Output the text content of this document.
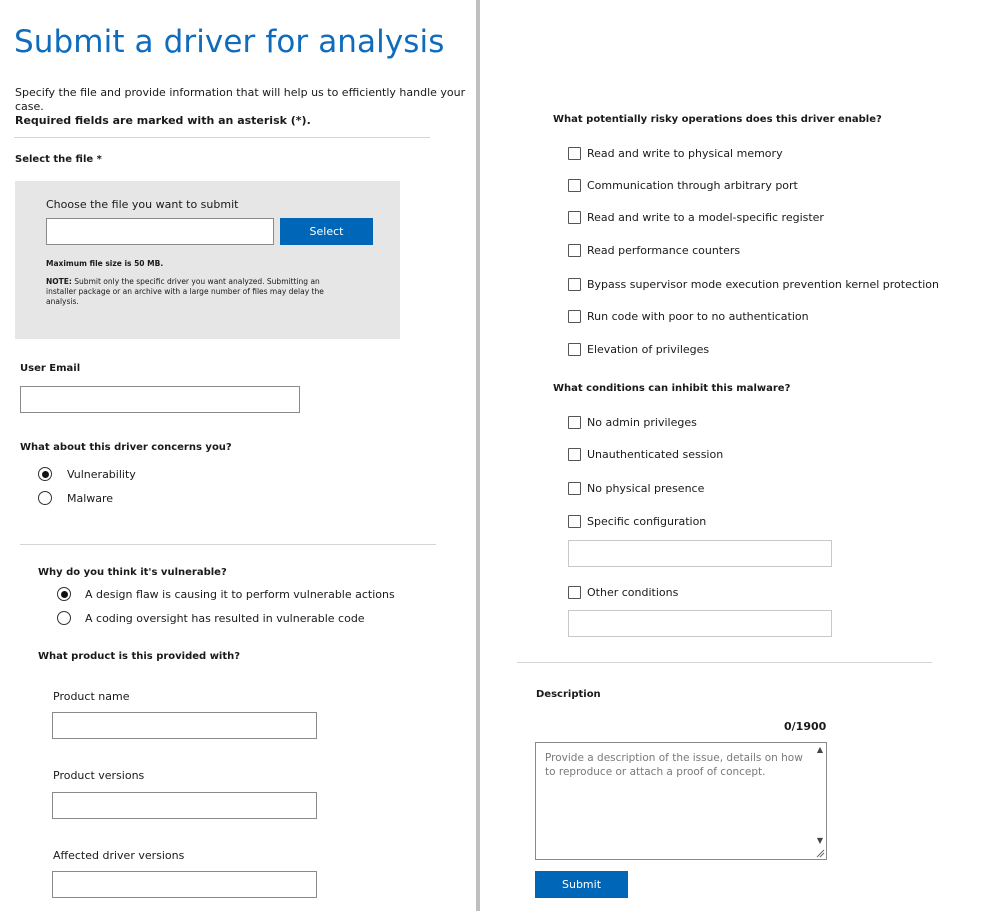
Submit a driver for analysis
Specify the file and provide information that will help us to efficiently handle your case.
Required fields are marked with an asterisk (*).
Select the file *
Choose the file you want to submit
Select
Maximum file size is 50 MB.
NOTE: Submit only the specific driver you want analyzed. Submitting an installer package or an archive with a large number of files may delay the analysis.
User Email
What about this driver concerns you?
Vulnerability
Malware
Why do you think it's vulnerable?
A design flaw is causing it to perform vulnerable actions
A coding oversight has resulted in vulnerable code
What product is this provided with?
Product name
Product versions
Affected driver versions
What potentially risky operations does this driver enable?
Read and write to physical memory
Communication through arbitrary port
Read and write to a model-specific register
Read performance counters
Bypass supervisor mode execution prevention kernel protection
Run code with poor to no authentication
Elevation of privileges
What conditions can inhibit this malware?
No admin privileges
Unauthenticated session
No physical presence
Specific configuration
Other conditions
Description
0/1900
Provide a description of the issue, details on how to reproduce or attach a proof of concept.
▲
▼
Submit
